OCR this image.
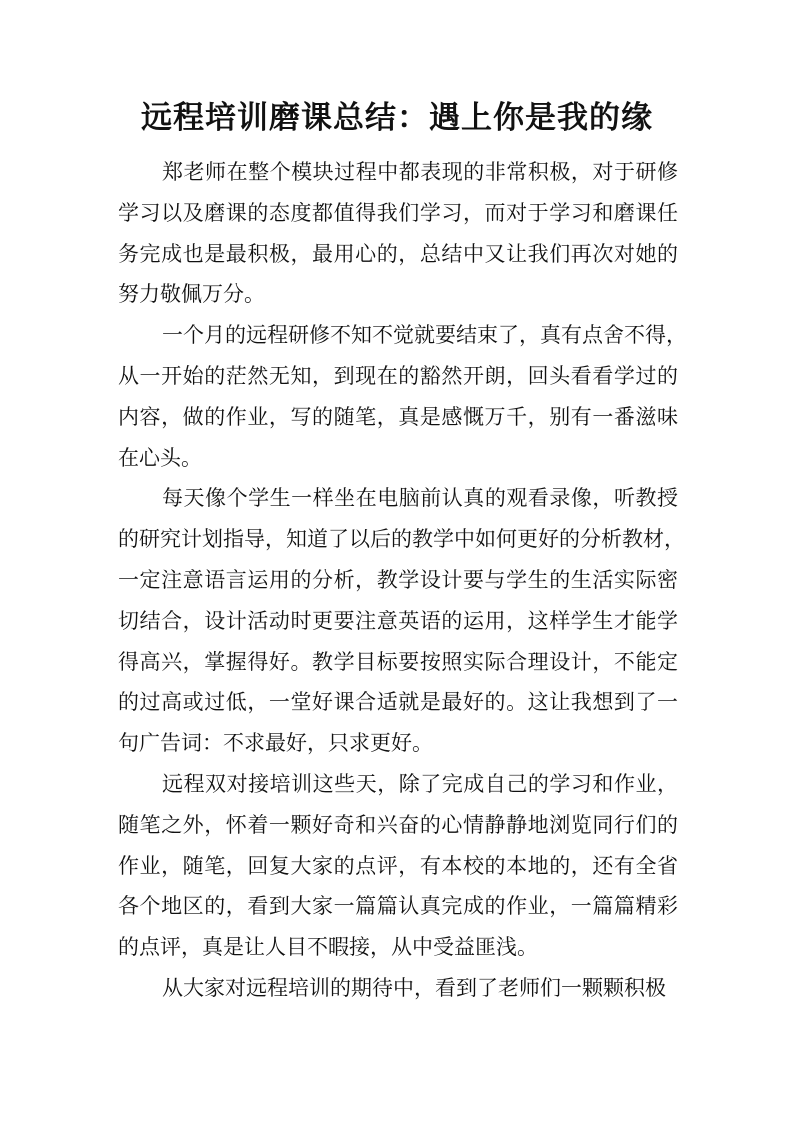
远程培训磨课总结：遇上你是我的缘
郑老师在整个模块过程中都表现的非常积极，对于研修
学习以及磨课的态度都值得我们学习，而对于学习和磨课任
务完成也是最积极，最用心的，总结中又让我们再次对她的
努力敬佩万分。
一个月的远程研修不知不觉就要结束了，真有点舍不得，
从一开始的茫然无知，到现在的豁然开朗，回头看看学过的
内容，做的作业，写的随笔，真是感慨万千，别有一番滋味
在心头。
每天像个学生一样坐在电脑前认真的观看录像，听教授
的研究计划指导，知道了以后的教学中如何更好的分析教材，
一定注意语言运用的分析，教学设计要与学生的生活实际密
切结合，设计活动时更要注意英语的运用，这样学生才能学
得高兴，掌握得好。教学目标要按照实际合理设计，不能定
的过高或过低，一堂好课合适就是最好的。这让我想到了一
句广告词：不求最好，只求更好。
远程双对接培训这些天，除了完成自己的学习和作业，
随笔之外，怀着一颗好奇和兴奋的心情静静地浏览同行们的
作业，随笔，回复大家的点评，有本校的本地的，还有全省
各个地区的，看到大家一篇篇认真完成的作业，一篇篇精彩
的点评，真是让人目不暇接，从中受益匪浅。
从大家对远程培训的期待中，看到了老师们一颗颗积极
